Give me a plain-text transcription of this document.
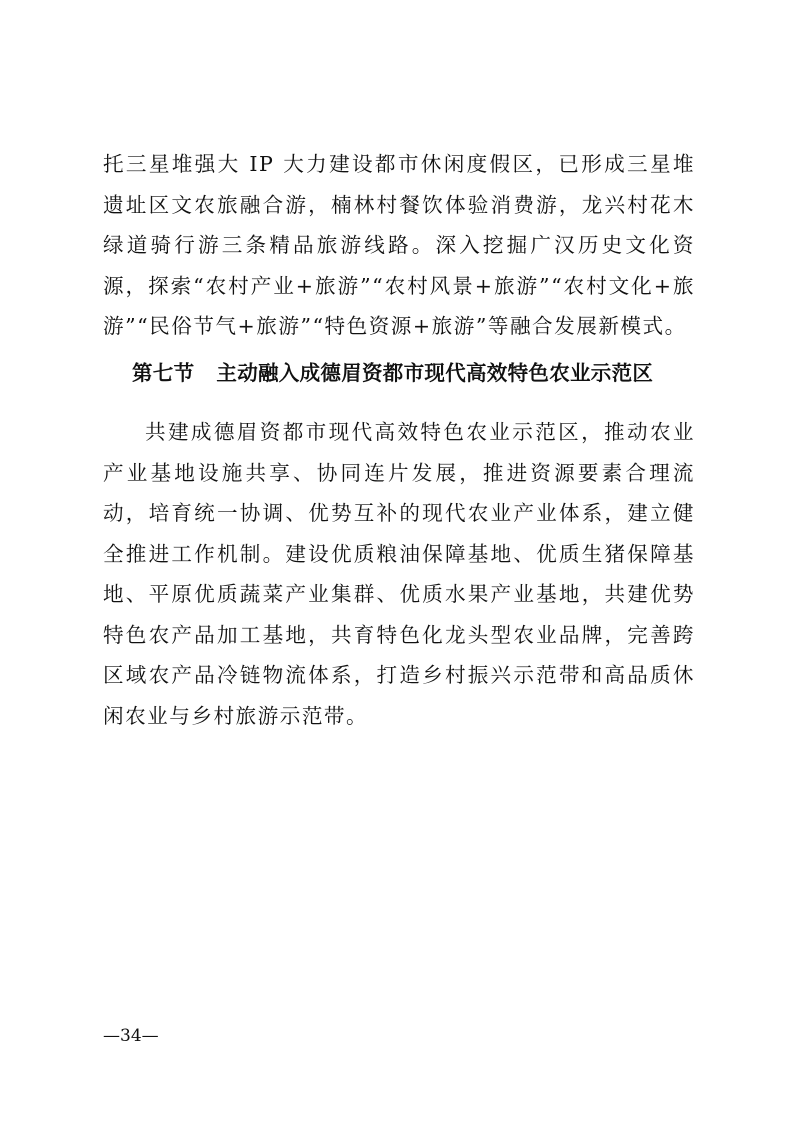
托三星堆强大 IP 大力建设都市休闲度假区，已形成三星堆遗址区文农旅融合游，楠林村餐饮体验消费游，龙兴村花木绿道骑行游三条精品旅游线路。深入挖掘广汉历史文化资源，探索“农村产业+旅游”“农村风景+旅游”“农村文化+旅游”“民俗节气+旅游”“特色资源+旅游”等融合发展新模式。

第七节 主动融入成德眉资都市现代高效特色农业示范区

共建成德眉资都市现代高效特色农业示范区，推动农业产业基地设施共享、协同连片发展，推进资源要素合理流动，培育统一协调、优势互补的现代农业产业体系，建立健全推进工作机制。建设优质粮油保障基地、优质生猪保障基地、平原优质蔬菜产业集群、优质水果产业基地，共建优势特色农产品加工基地，共育特色化龙头型农业品牌，完善跨区域农产品冷链物流体系，打造乡村振兴示范带和高品质休闲农业与乡村旅游示范带。

—34—
